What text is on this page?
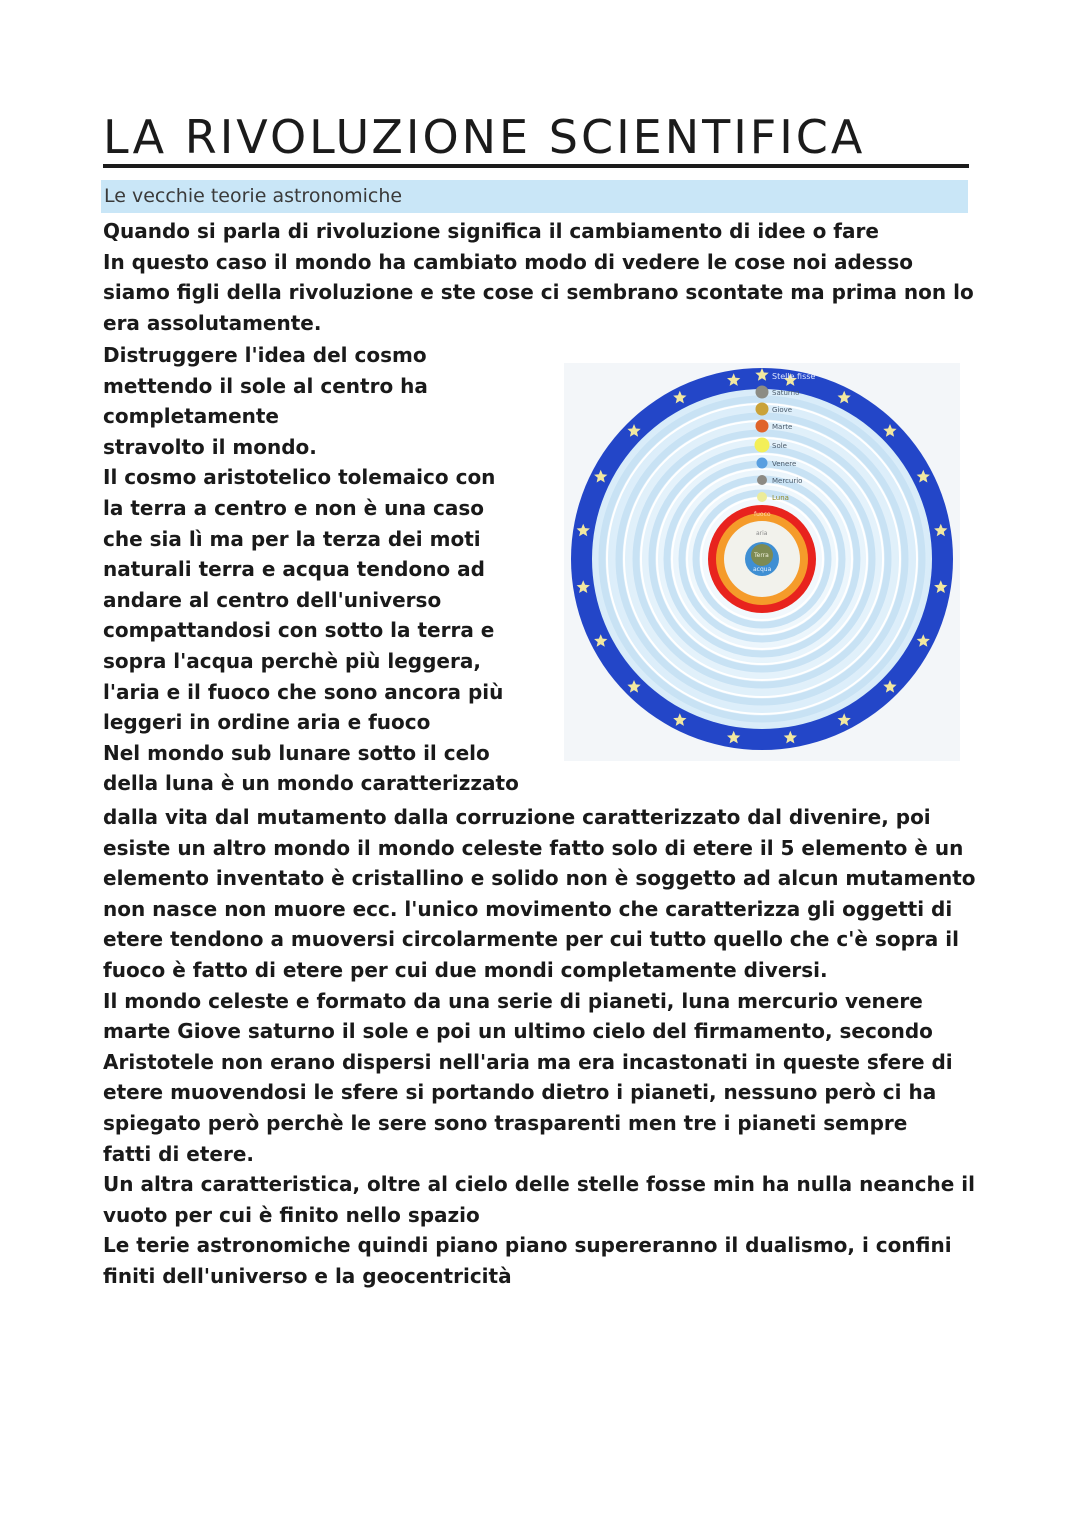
LA RIVOLUZIONE SCIENTIFICA
Le vecchie teorie astronomiche
Quando si parla di rivoluzione significa il cambiamento di idee o fare
In questo caso il mondo ha cambiato modo di vedere le cose noi adesso
siamo figli della rivoluzione e ste cose ci sembrano scontate ma prima non lo
era assolutamente.
Distruggere l'idea del cosmo
mettendo il sole al centro ha
completamente
stravolto il mondo.
Il cosmo aristotelico tolemaico con
la terra a centro e non è una caso
che sia lì ma per la terza dei moti
naturali terra e acqua tendono ad
andare al centro dell'universo
compattandosi con sotto la terra e
sopra l'acqua perchè più leggera,
l'aria e il fuoco che sono ancora più
leggeri in ordine aria e fuoco
Nel mondo sub lunare sotto il celo
della luna è un mondo caratterizzato
Stelle fisse
Saturno
Giove
Marte
Sole
Venere
Mercurio
Luna
fuoco
aria
Terra
acqua
dalla vita dal mutamento dalla corruzione caratterizzato dal divenire, poi
esiste un altro mondo il mondo celeste fatto solo di etere il 5 elemento è un
elemento inventato è cristallino e solido non è soggetto ad alcun mutamento
non nasce non muore ecc. l'unico movimento che caratterizza gli oggetti di
etere tendono a muoversi circolarmente per cui tutto quello che c'è sopra il
fuoco è fatto di etere per cui due mondi completamente diversi.
Il mondo celeste e formato da una serie di pianeti, luna mercurio venere
marte Giove saturno il sole e poi un ultimo cielo del firmamento, secondo
Aristotele non erano dispersi nell'aria ma era incastonati in queste sfere di
etere muovendosi le sfere si portando dietro i pianeti, nessuno però ci ha
spiegato però perchè le sere sono trasparenti men tre i pianeti sempre
fatti di etere.
Un altra caratteristica, oltre al cielo delle stelle fosse min ha nulla neanche il
vuoto per cui è finito nello spazio
Le terie astronomiche quindi piano piano supereranno il dualismo, i confini
finiti dell'universo e la geocentricità
